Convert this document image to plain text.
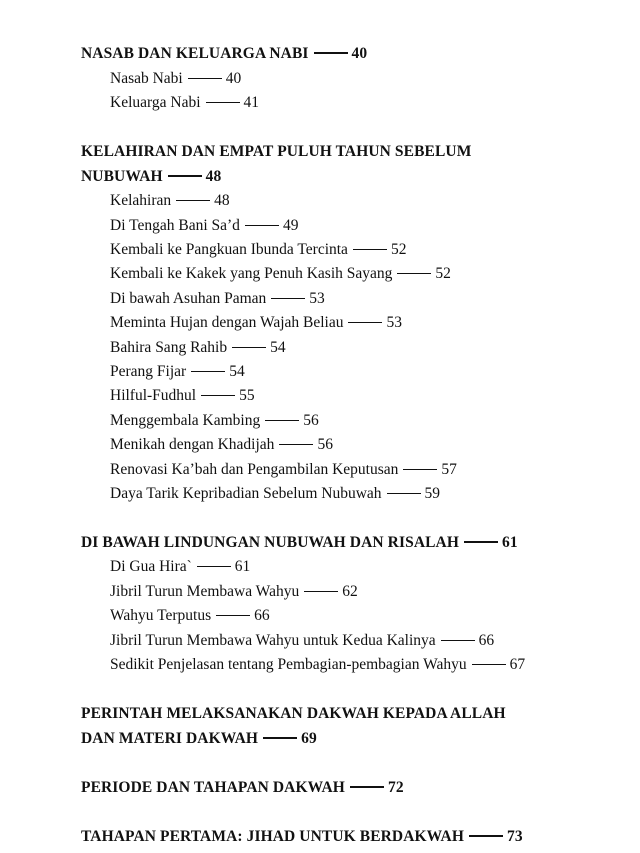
NASAB DAN KELUARGA NABI	40
Nasab Nabi	40
Keluarga Nabi	41
KELAHIRAN DAN EMPAT PULUH TAHUN SEBELUM
NUBUWAH	48
Kelahiran	48
Di Tengah Bani Sa’d	49
Kembali ke Pangkuan Ibunda Tercinta	52
Kembali ke Kakek yang Penuh Kasih Sayang	52
Di bawah Asuhan Paman	53
Meminta Hujan dengan Wajah Beliau	53
Bahira Sang Rahib	54
Perang Fijar	54
Hilful-Fudhul	55
Menggembala Kambing	56
Menikah dengan Khadijah	56
Renovasi Ka’bah dan Pengambilan Keputusan	57
Daya Tarik Kepribadian Sebelum Nubuwah	59
DI BAWAH LINDUNGAN NUBUWAH DAN RISALAH	61
Di Gua Hira`	61
Jibril Turun Membawa Wahyu	62
Wahyu Terputus	66
Jibril Turun Membawa Wahyu untuk Kedua Kalinya	66
Sedikit Penjelasan tentang Pembagian-pembagian Wahyu	67
PERINTAH MELAKSANAKAN DAKWAH KEPADA ALLAH
DAN MATERI DAKWAH	69
PERIODE DAN TAHAPAN DAKWAH	72
TAHAPAN PERTAMA: JIHAD UNTUK BERDAKWAH	73
